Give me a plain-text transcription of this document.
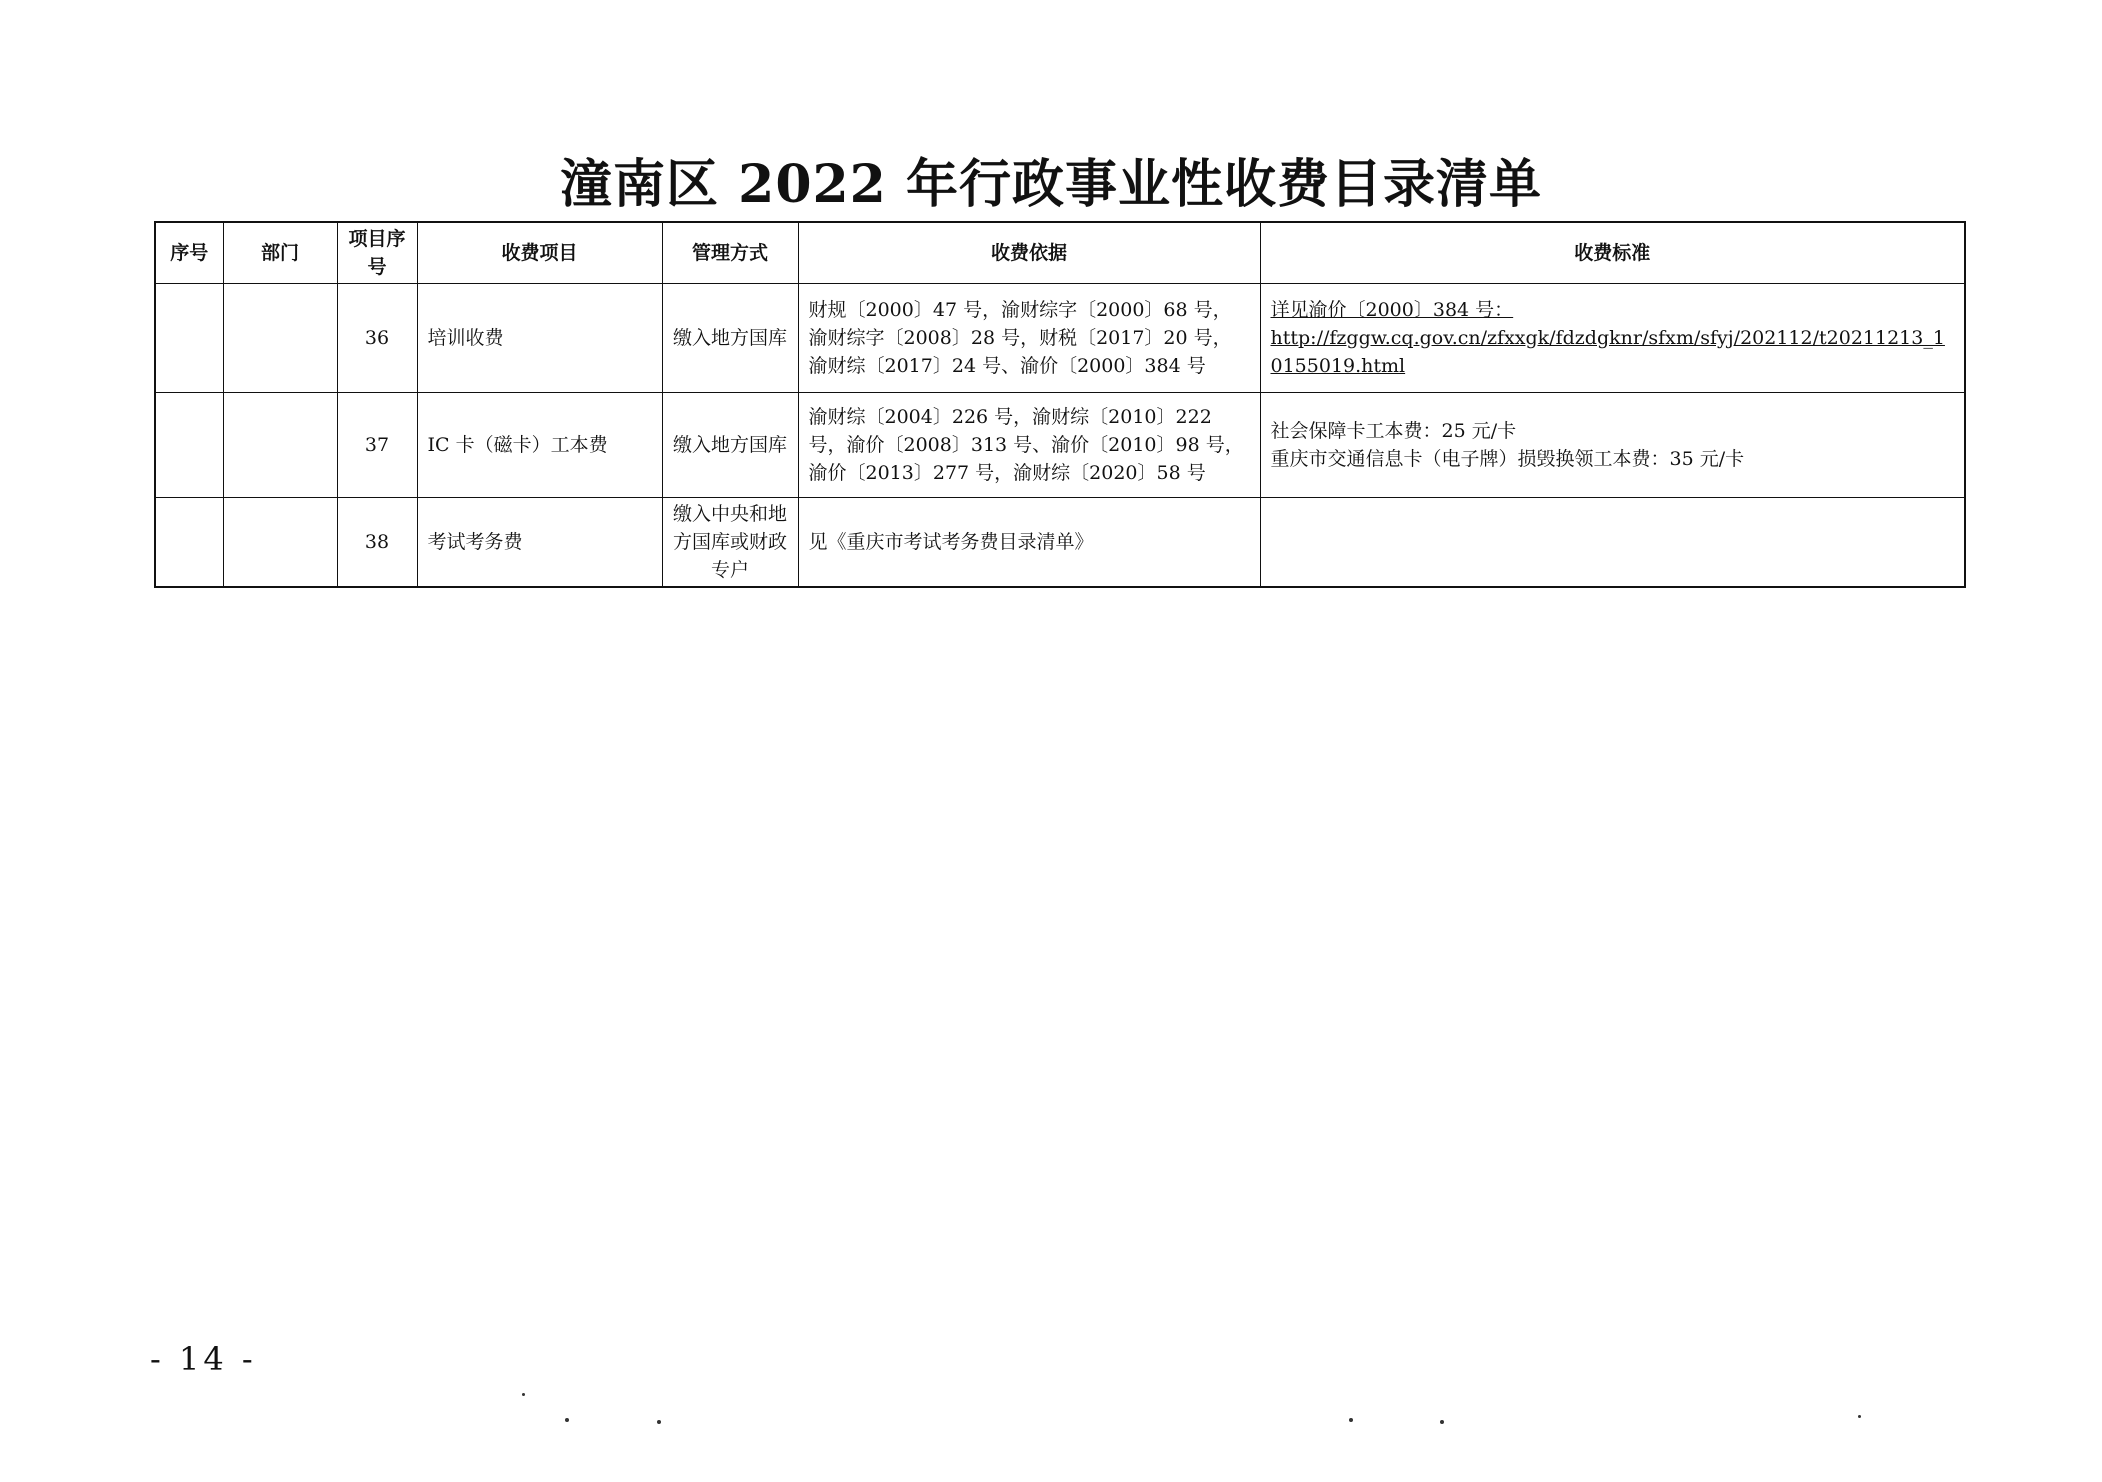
潼南区 2022 年行政事业性收费目录清单
序号	部门	项目序号	收费项目	管理方式	收费依据	收费标准
		36	培训收费	缴入地方国库	财规〔2000〕47 号，渝财综字〔2000〕68 号，渝财综字〔2008〕28 号，财税〔2017〕20 号，渝财综〔2017〕24 号、渝价〔2000〕384 号	详见渝价〔2000〕384 号：
http://fzggw.cq.gov.cn/zfxxgk/fdzdgknr/sfxm/sfyj/202112/t20211213_10155019.html

		37	IC 卡（磁卡）工本费	缴入地方国库	渝财综〔2004〕226 号，渝财综〔2010〕222 号，渝价〔2008〕313 号、渝价〔2010〕98 号，渝价〔2013〕277 号，渝财综〔2020〕58 号	社会保障卡工本费：25 元/卡
重庆市交通信息卡（电子牌）损毁换领工本费：35 元/卡

		38	考试考务费	缴入中央和地方国库或财政专户	见《重庆市考试考务费目录清单》	
- 14 -
